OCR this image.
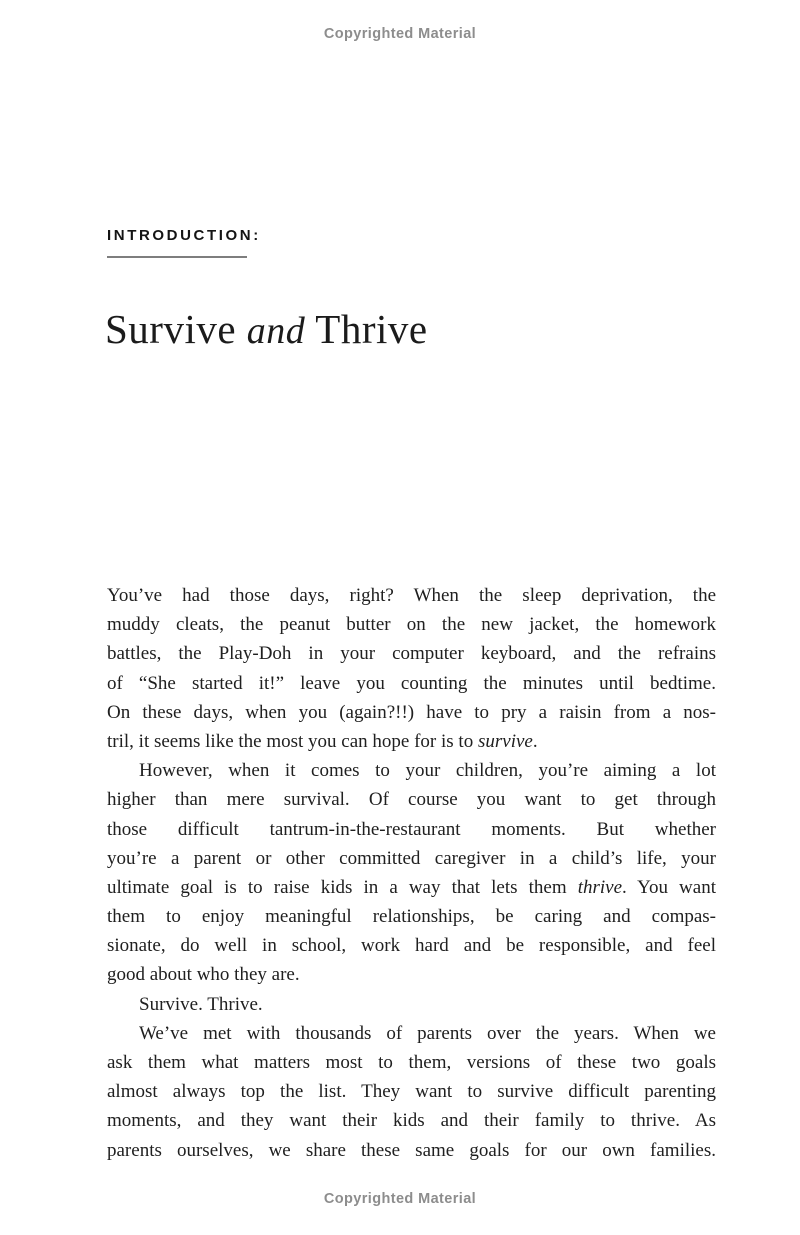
Copyrighted Material
INTRODUCTION:
Survive and Thrive
You’ve had those days, right? When the sleep deprivation, the
muddy cleats, the peanut butter on the new jacket, the homework
battles, the Play-Doh in your computer keyboard, and the refrains
of “She started it!” leave you counting the minutes until bedtime.
On these days, when you (again?!!) have to pry a raisin from a nos-
tril, it seems like the most you can hope for is to survive.
However, when it comes to your children, you’re aiming a lot
higher than mere survival. Of course you want to get through
those difficult tantrum-in-the-restaurant moments. But whether
you’re a parent or other committed caregiver in a child’s life, your
ultimate goal is to raise kids in a way that lets them thrive. You want
them to enjoy meaningful relationships, be caring and compas-
sionate, do well in school, work hard and be responsible, and feel
good about who they are.
Survive. Thrive.
We’ve met with thousands of parents over the years. When we
ask them what matters most to them, versions of these two goals
almost always top the list. They want to survive difficult parenting
moments, and they want their kids and their family to thrive. As
parents ourselves, we share these same goals for our own families.
Copyrighted Material
